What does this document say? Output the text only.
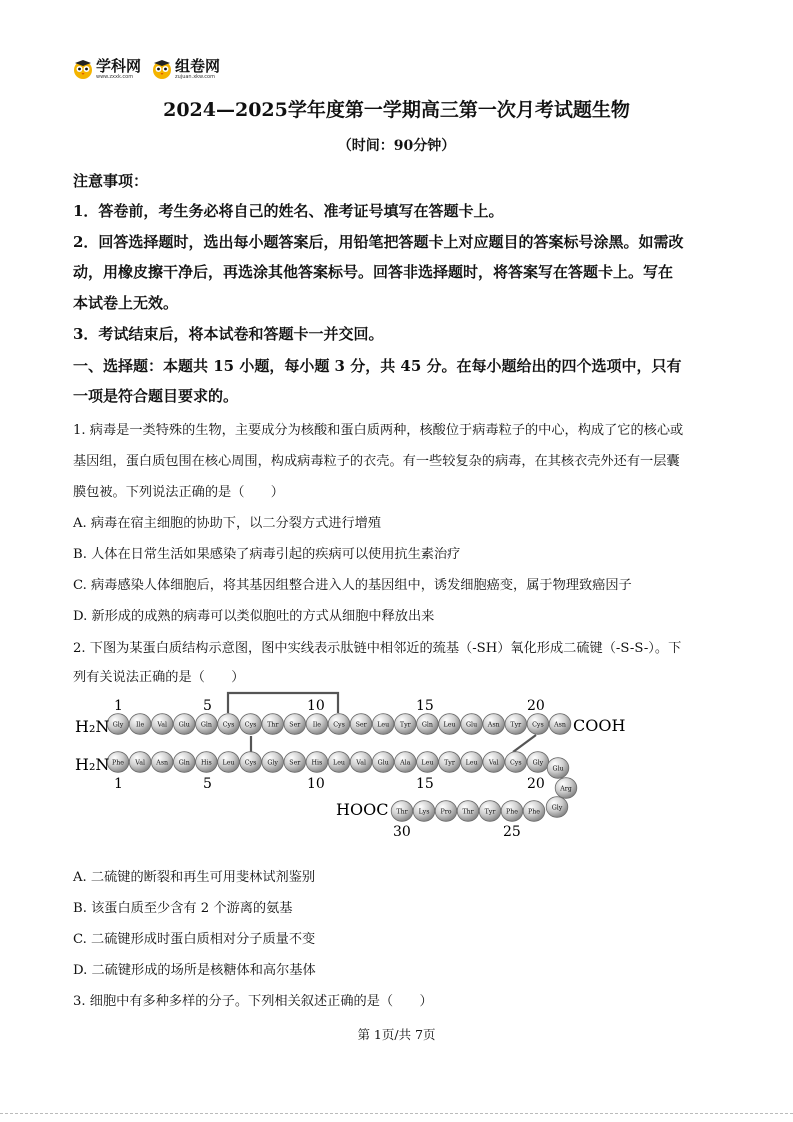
学科网
www.zxxk.com
组卷网
zujuan.xkw.com
2024—2025学年度第一学期高三第一次月考试题生物
（时间：90分钟）
注意事项：
1．答卷前，考生务必将自己的姓名、准考证号填写在答题卡上。
2．回答选择题时，选出每小题答案后，用铅笔把答题卡上对应题目的答案标号涂黑。如需改
动，用橡皮擦干净后，再选涂其他答案标号。回答非选择题时，将答案写在答题卡上。写在
本试卷上无效。
3．考试结束后，将本试卷和答题卡一并交回。
一、选择题：本题共 15 小题，每小题 3 分，共 45 分。在每小题给出的四个选项中，只有
一项是符合题目要求的。
1. 病毒是一类特殊的生物，主要成分为核酸和蛋白质两种，核酸位于病毒粒子的中心，构成了它的核心或
基因组，蛋白质包围在核心周围，构成病毒粒子的衣壳。有一些较复杂的病毒，在其核衣壳外还有一层囊
膜包被。下列说法正确的是（　　）
A. 病毒在宿主细胞的协助下，以二分裂方式进行增殖
B. 人体在日常生活如果感染了病毒引起的疾病可以使用抗生素治疗
C. 病毒感染人体细胞后，将其基因组整合进入人的基因组中，诱发细胞癌变，属于物理致癌因子
D. 新形成的成熟的病毒可以类似胞吐的方式从细胞中释放出来
2. 下图为某蛋白质结构示意图，图中实线表示肽链中相邻近的巯基（-SH）氧化形成二硫键（-S-S-）。下
列有关说法正确的是（　　）
Gly Ile Val Glu Gln Cys Cys Thr Ser Ile Cys Ser Leu Tyr Gln Leu Glu Asn Tyr Cys Asn
Phe Val Asn Gln His Leu Cys Gly Ser His Leu Val Glu Ala Leu Tyr Leu Val Cys Gly
Glu
Arg
Gly
Phe
Phe
Tyr
Thr
Pro
Lys
Thr
H₂N	COOH
H₂N
HOOC
1	5	10	15	20
1	5	10	15	20
25
30
A. 二硫键的断裂和再生可用斐林试剂鉴别
B. 该蛋白质至少含有 2 个游离的氨基
C. 二硫键形成时蛋白质相对分子质量不变
D. 二硫键形成的场所是核糖体和高尔基体
3. 细胞中有多种多样的分子。下列相关叙述正确的是（　　）
第 1页/共 7页
